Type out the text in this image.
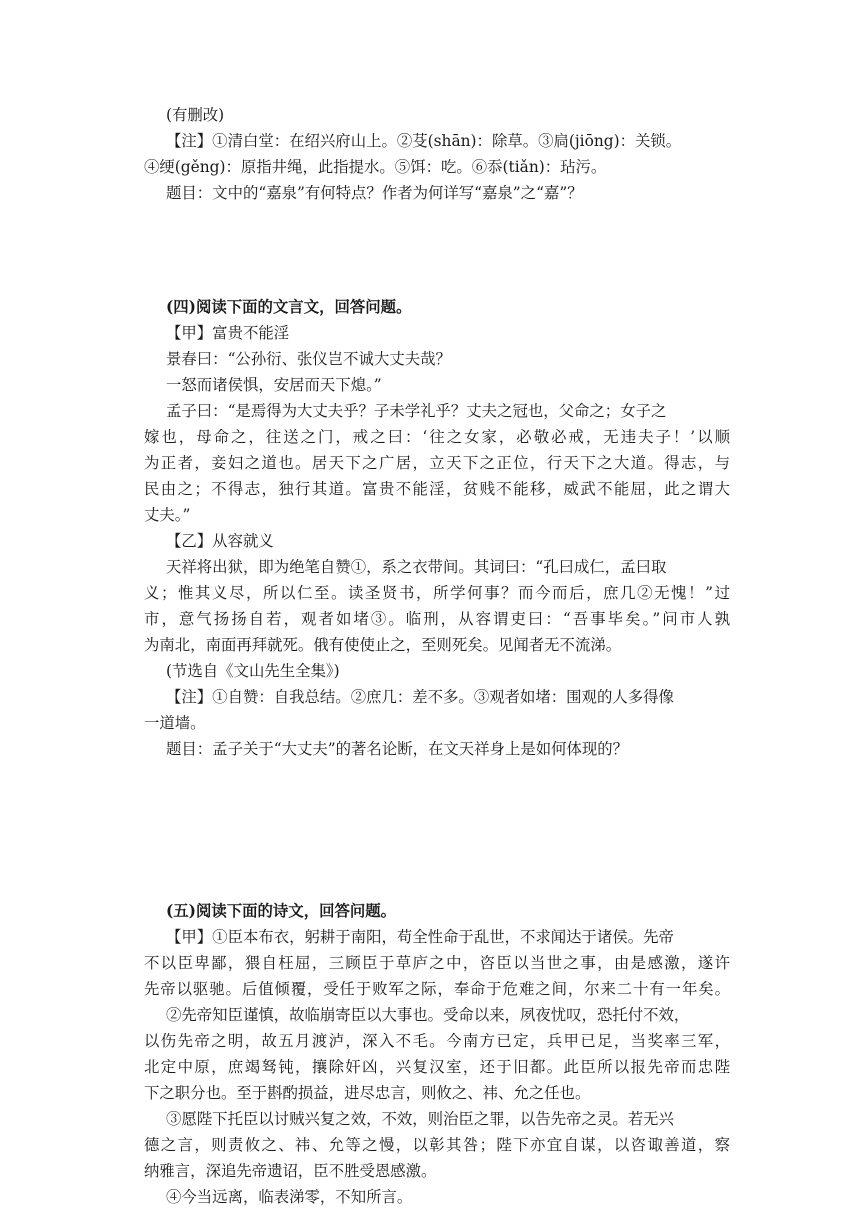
(有删改)
【注】①清白堂：在绍兴府山上。②芟(shān)：除草。③扃(jiōng)：关锁。
④绠(gěng)：原指井绳，此指提水。⑤饵：吃。⑥忝(tiǎn)：玷污。
题目：文中的“嘉泉”有何特点？作者为何详写“嘉泉”之“嘉”？
(四)阅读下面的文言文，回答问题。
【甲】富贵不能淫
景春曰：“公孙衍、张仪岂不诚大丈夫哉？
一怒而诸侯惧，安居而天下熄。”
孟子曰：“是焉得为大丈夫乎？子未学礼乎？丈夫之冠也，父命之；女子之
嫁也，母命之，往送之门，戒之曰：‘往之女家，必敬必戒，无违夫子！’以顺
为正者，妾妇之道也。居天下之广居，立天下之正位，行天下之大道。得志，与
民由之；不得志，独行其道。富贵不能淫，贫贱不能移，威武不能屈，此之谓大
丈夫。”
【乙】从容就义
天祥将出狱，即为绝笔自赞①，系之衣带间。其词曰：“孔曰成仁，孟曰取
义；惟其义尽，所以仁至。读圣贤书，所学何事？而今而后，庶几②无愧！”过
市，意气扬扬自若，观者如堵③。临刑，从容谓吏曰：“吾事毕矣。”问市人孰
为南北，南面再拜就死。俄有使使止之，至则死矣。见闻者无不流涕。
(节选自《文山先生全集》)
【注】①自赞：自我总结。②庶几：差不多。③观者如堵：围观的人多得像
一道墙。
题目：孟子关于“大丈夫”的著名论断，在文天祥身上是如何体现的？
(五)阅读下面的诗文，回答问题。
【甲】①臣本布衣，躬耕于南阳，苟全性命于乱世，不求闻达于诸侯。先帝
不以臣卑鄙，猥自枉屈，三顾臣于草庐之中，咨臣以当世之事，由是感激，遂许
先帝以驱驰。后值倾覆，受任于败军之际，奉命于危难之间，尔来二十有一年矣。
②先帝知臣谨慎，故临崩寄臣以大事也。受命以来，夙夜忧叹，恐托付不效，
以伤先帝之明，故五月渡泸，深入不毛。今南方已定，兵甲已足，当奖率三军，
北定中原，庶竭驽钝，攘除奸凶，兴复汉室，还于旧都。此臣所以报先帝而忠陛
下之职分也。至于斟酌损益，进尽忠言，则攸之、祎、允之任也。
③愿陛下托臣以讨贼兴复之效，不效，则治臣之罪，以告先帝之灵。若无兴
德之言，则责攸之、祎、允等之慢，以彰其咎；陛下亦宜自谋，以咨诹善道，察
纳雅言，深追先帝遗诏，臣不胜受恩感激。
④今当远离，临表涕零，不知所言。
